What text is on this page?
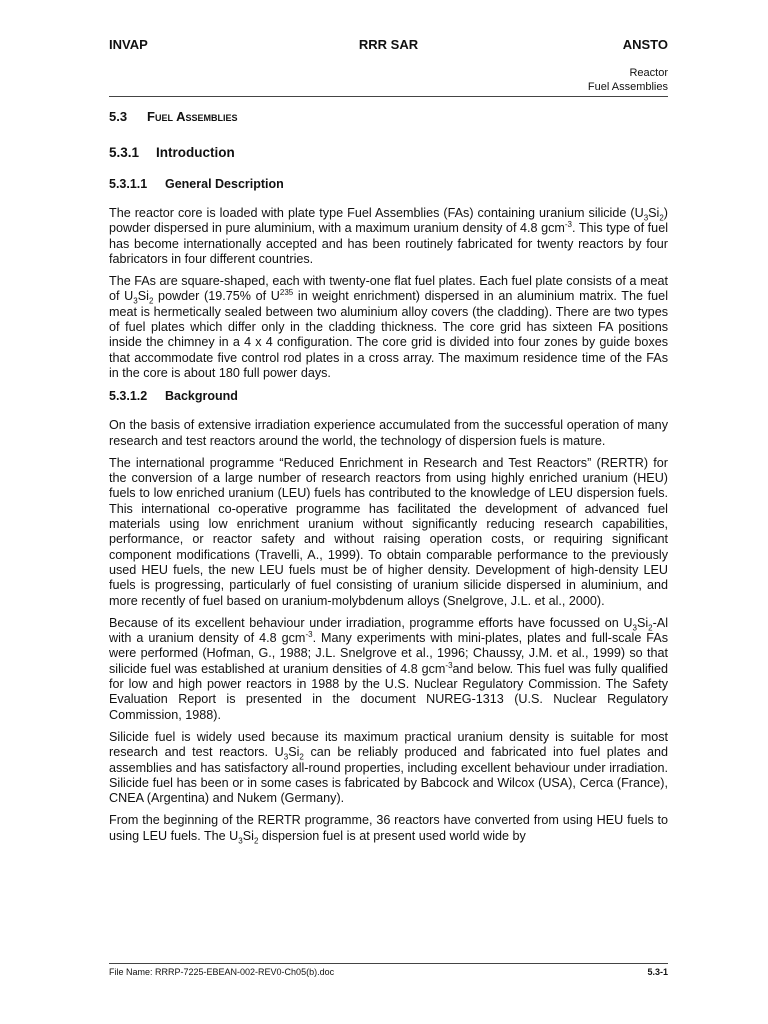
INVAP	RRR SAR	ANSTO
Reactor
Fuel Assemblies
5.3 Fuel Assemblies
5.3.1 Introduction
5.3.1.1 General Description

The reactor core is loaded with plate type Fuel Assemblies (FAs) containing uranium silicide $(U_3Si_2)$ powder dispersed in pure aluminium, with a maximum uranium density of 4.8 gcm$^{-3}$. This type of fuel has become internationally accepted and has been routinely fabricated for twenty reactors by four fabricators in four different countries.

The FAs are square-shaped, each with twenty-one flat fuel plates. Each fuel plate consists of a meat of $U_3Si_2$ powder (19.75% of $U^{235}$ in weight enrichment) dispersed in an aluminium matrix. The fuel meat is hermetically sealed between two aluminium alloy covers (the cladding). There are two types of fuel plates which differ only in the cladding thickness. The core grid has sixteen FA positions inside the chimney in a 4 x 4 configuration. The core grid is divided into four zones by guide boxes that accommodate five control rod plates in a cross array. The maximum residence time of the FAs in the core is about 180 full power days.

5.3.1.2 Background

On the basis of extensive irradiation experience accumulated from the successful operation of many research and test reactors around the world, the technology of dispersion fuels is mature.

The international programme “Reduced Enrichment in Research and Test Reactors” (RERTR) for the conversion of a large number of research reactors from using highly enriched uranium (HEU) fuels to low enriched uranium (LEU) fuels has contributed to the knowledge of LEU dispersion fuels. This international co-operative programme has facilitated the development of advanced fuel materials using low enrichment uranium without significantly reducing research capabilities, performance, or reactor safety and without raising operation costs, or requiring significant component modifications (Travelli, A., 1999). To obtain comparable performance to the previously used HEU fuels, the new LEU fuels must be of higher density. Development of high-density LEU fuels is progressing, particularly of fuel consisting of uranium silicide dispersed in aluminium, and more recently of fuel based on uranium-molybdenum alloys (Snelgrove, J.L. et al., 2000).

Because of its excellent behaviour under irradiation, programme efforts have focussed on $U_3Si_2-Al$ with a uranium density of 4.8 gcm$^{-3}$. Many experiments with mini-plates, plates and full-scale FAs were performed (Hofman, G., 1988; J.L. Snelgrove et al., 1996; Chaussy, J.M. et al., 1999) so that silicide fuel was established at uranium densities of 4.8 gcm$^{-3}$and below. This fuel was fully qualified for low and high power reactors in 1988 by the U.S. Nuclear Regulatory Commission. The Safety Evaluation Report is presented in the document NUREG-1313 (U.S. Nuclear Regulatory Commission, 1988).

Silicide fuel is widely used because its maximum practical uranium density is suitable for most research and test reactors. $U_3Si_2$ can be reliably produced and fabricated into fuel plates and assemblies and has satisfactory all-round properties, including excellent behaviour under irradiation. Silicide fuel has been or in some cases is fabricated by Babcock and Wilcox (USA), Cerca (France), CNEA (Argentina) and Nukem (Germany).

From the beginning of the RERTR programme, 36 reactors have converted from using HEU fuels to using LEU fuels. The $U_3Si_2$ dispersion fuel is at present used world wide by

File Name: RRRP-7225-EBEAN-002-REV0-Ch05(b).doc	5.3-1
